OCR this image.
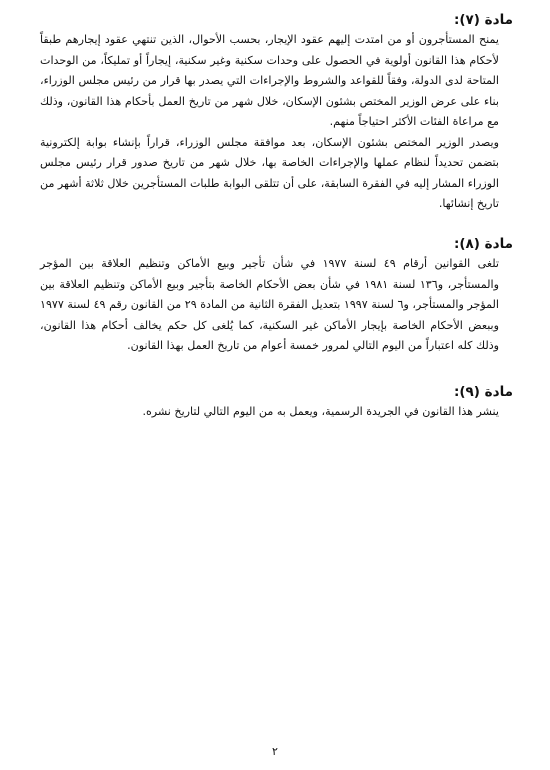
مادة (٧):

يمنح المستأجرون أو من امتدت إليهم عقود الإيجار، بحسب الأحوال، الذين تنتهي عقود إيجارهم طبقاً لأحكام هذا القانون أولوية في الحصول على وحدات سكنية وغير سكنية، إيجاراً أو تمليكاً، من الوحدات المتاحة لدى الدولة، وفقاً للقواعد والشروط والإجراءات التي يصدر بها قرار من رئيس مجلس الوزراء، بناء على عرض الوزير المختص بشئون الإسكان، خلال شهر من تاريخ العمل بأحكام هذا القانون، وذلك مع مراعاة الفئات الأكثر احتياجاً منهم.

ويصدر الوزير المختص بشئون الإسكان، بعد موافقة مجلس الوزراء، قراراً بإنشاء بوابة إلكترونية بتضمن تحديداً لنظام عملها والإجراءات الخاصة بها، خلال شهر من تاريخ صدور قرار رئيس مجلس الوزراء المشار إليه في الفقرة السابقة، على أن تتلقى البوابة طلبات المستأجرين خلال ثلاثة أشهر من تاريخ إنشائها.

مادة (٨):

تلغى القوانين أرقام ٤٩ لسنة ١٩٧٧ في شأن تأجير وبيع الأماكن وتنظيم العلاقة بين المؤجر والمستأجر، و١٣٦ لسنة ١٩٨١ في شأن بعض الأحكام الخاصة بتأجير وبيع الأماكن وتنظيم العلاقة بين المؤجر والمستأجر، و٦ لسنة ١٩٩٧ بتعديل الفقرة الثانية من المادة ٢٩ من القانون رقم ٤٩ لسنة ١٩٧٧ وببعض الأحكام الخاصة بإيجار الأماكن غير السكنية، كما يُلغى كل حكم يخالف أحكام هذا القانون، وذلك كله اعتباراً من اليوم التالي لمرور خمسة أعوام من تاريخ العمل بهذا القانون.

مادة (٩):

ينشر هذا القانون في الجريدة الرسمية، ويعمل به من اليوم التالي لتاريخ نشره.

٢
